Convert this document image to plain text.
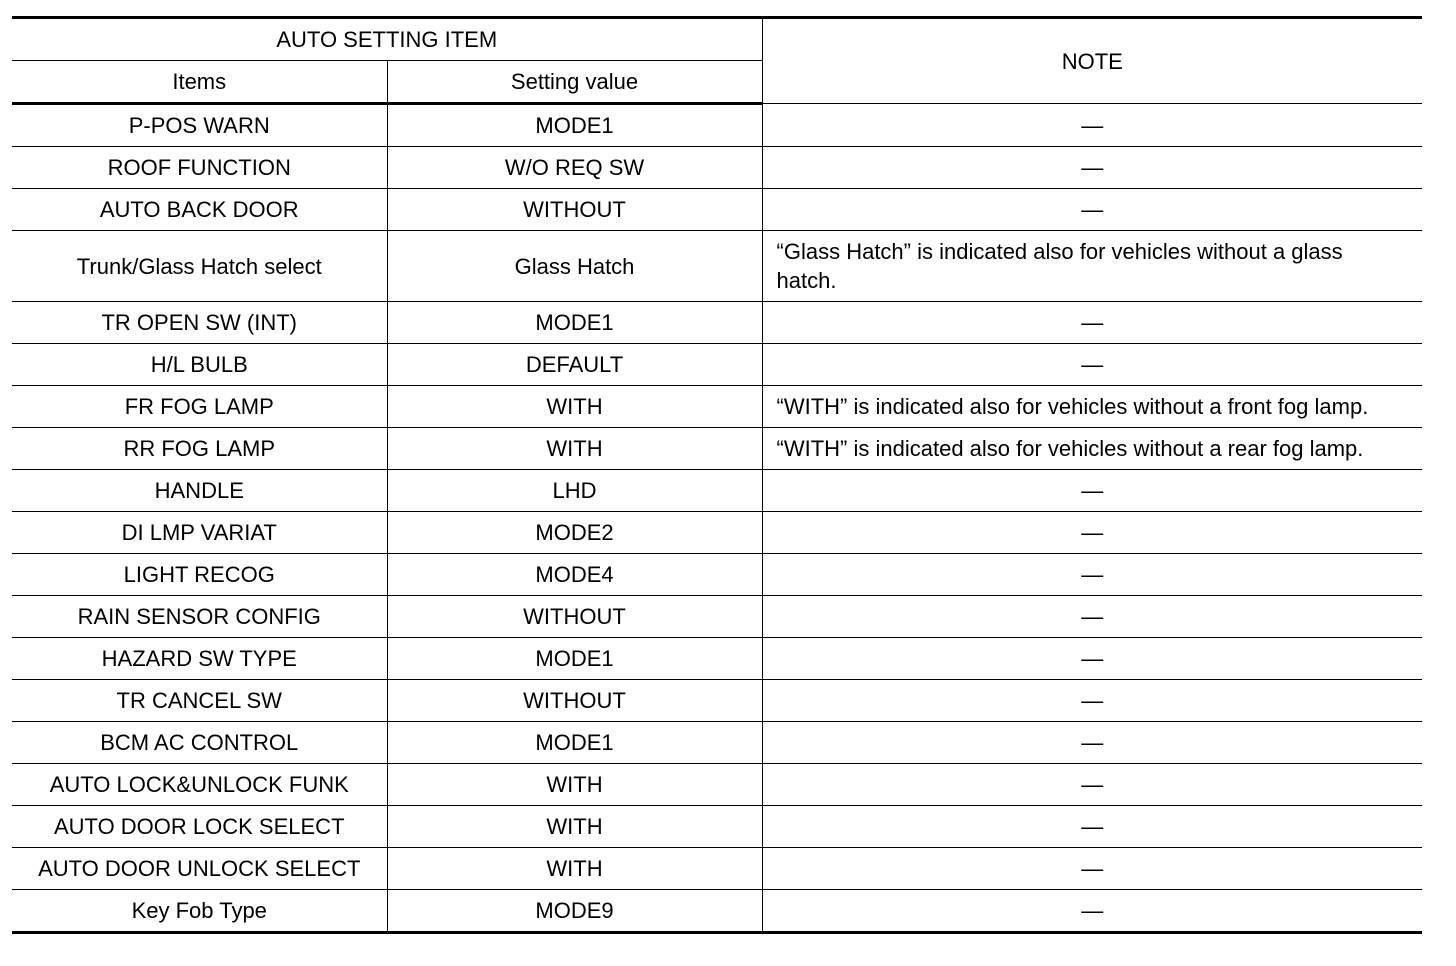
AUTO SETTING ITEM		NOTE
Items	Setting value	
P-POS WARN	MODE1	—
ROOF FUNCTION	W/O REQ SW	—
AUTO BACK DOOR	WITHOUT	—
Trunk/Glass Hatch select	Glass Hatch	“Glass Hatch” is indicated also for vehicles without a glass hatch.
TR OPEN SW (INT)	MODE1	—
H/L BULB	DEFAULT	—
FR FOG LAMP	WITH	“WITH” is indicated also for vehicles without a front fog lamp.
RR FOG LAMP	WITH	“WITH” is indicated also for vehicles without a rear fog lamp.
HANDLE	LHD	—
DI LMP VARIAT	MODE2	—
LIGHT RECOG	MODE4	—
RAIN SENSOR CONFIG	WITHOUT	—
HAZARD SW TYPE	MODE1	—
TR CANCEL SW	WITHOUT	—
BCM AC CONTROL	MODE1	—
AUTO LOCK&UNLOCK FUNK	WITH	—
AUTO DOOR LOCK SELECT	WITH	—
AUTO DOOR UNLOCK SELECT	WITH	—
Key Fob Type	MODE9	—
